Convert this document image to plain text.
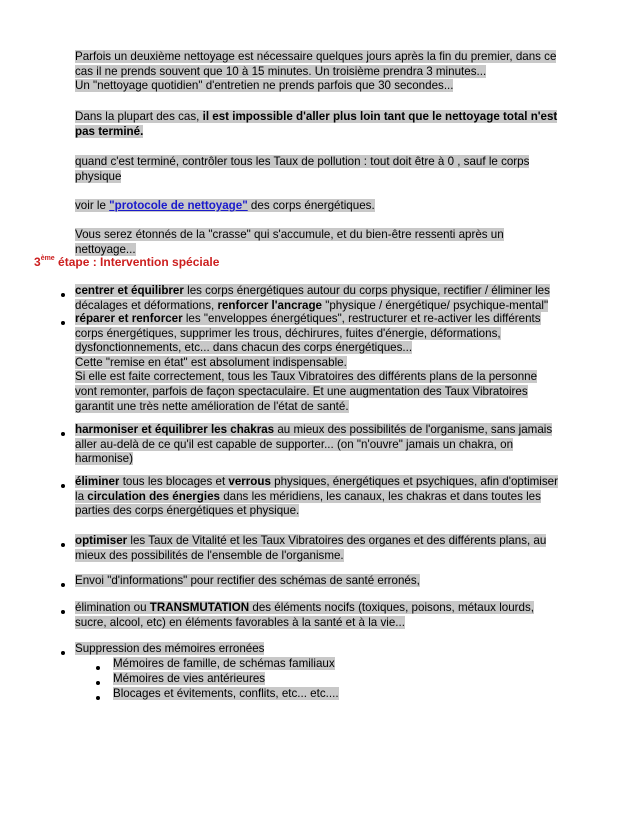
Parfois un deuxième nettoyage est nécessaire quelques jours après la fin du premier, dans ce
cas il ne prends souvent que 10 à 15 minutes. Un troisième prendra 3 minutes...
Un "nettoyage quotidien" d'entretien ne prends parfois que 30 secondes...
Dans la plupart des cas, il est impossible d'aller plus loin tant que le nettoyage total n'est
pas terminé.
quand c'est terminé, contrôler tous les Taux de pollution : tout doit être à 0 , sauf le corps
physique
voir le "protocole de nettoyage" des corps énergétiques.
Vous serez étonnés de la "crasse" qui s'accumule, et du bien-être ressenti après un
nettoyage...
3ème étape : Intervention spéciale
centrer et équilibrer les corps énergétiques autour du corps physique, rectifier / éliminer les
décalages et déformations, renforcer l'ancrage "physique / énergétique/ psychique-mental"
réparer et renforcer les "enveloppes énergétiques", restructurer et re-activer les différents
corps énergétiques, supprimer les trous, déchirures, fuites d'énergie, déformations,
dysfonctionnements, etc... dans chacun des corps énergétiques...
Cette "remise en état" est absolument indispensable.
Si elle est faite correctement, tous les Taux Vibratoires des différents plans de la personne
vont remonter, parfois de façon spectaculaire. Et une augmentation des Taux Vibratoires
garantit une très nette amélioration de l'état de santé.
harmoniser et équilibrer les chakras au mieux des possibilités de l'organisme, sans jamais
aller au-delà de ce qu'il est capable de supporter... (on "n'ouvre" jamais un chakra, on
harmonise)
éliminer tous les blocages et verrous physiques, énergétiques et psychiques, afin d'optimiser
la circulation des énergies dans les méridiens, les canaux, les chakras et dans toutes les
parties des corps énergétiques et physique.
optimiser les Taux de Vitalité et les Taux Vibratoires des organes et des différents plans, au
mieux des possibilités de l'ensemble de l'organisme.
Envoi "d'informations" pour rectifier des schémas de santé erronés,
élimination ou TRANSMUTATION des éléments nocifs (toxiques, poisons, métaux lourds,
sucre, alcool, etc) en éléments favorables à la santé et à la vie...
Suppression des mémoires erronées
Mémoires de famille, de schémas familiaux
Mémoires de vies antérieures
Blocages et évitements, conflits, etc... etc....
